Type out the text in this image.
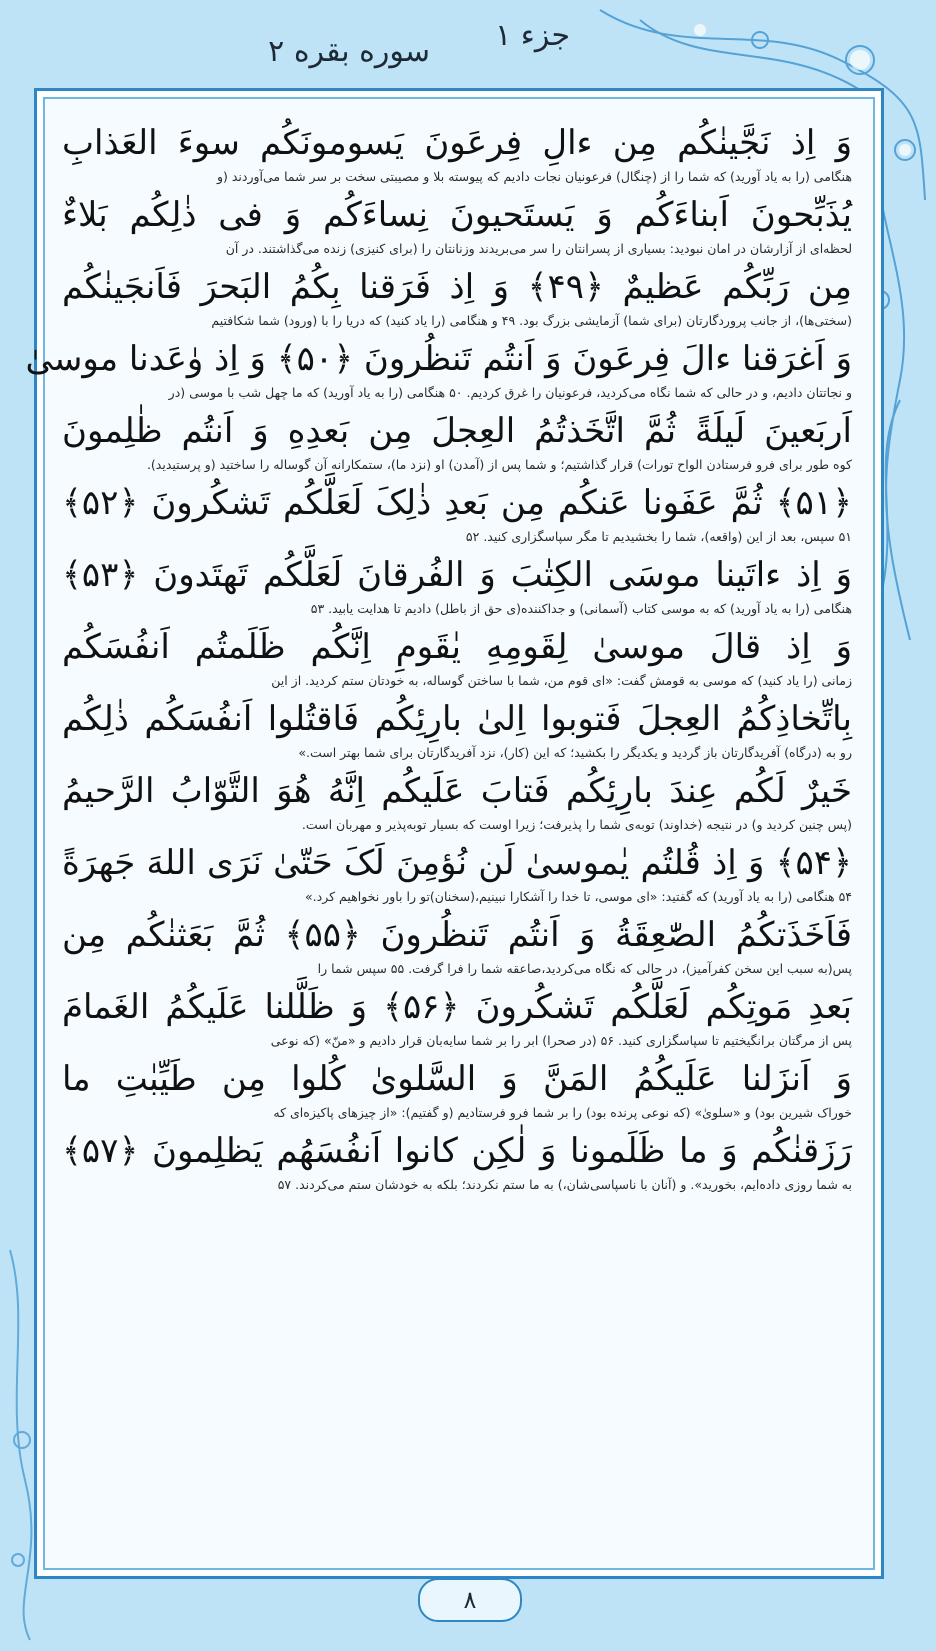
جزء ۱
سوره بقره ۲
وَ اِذ نَجَّینٰکُم مِن ءالِ فِرعَونَ یَسومونَکُم سوءَ العَذابِ
هنگامی (را به یاد آورید) که شما را از (چنگال) فرعونیان نجات دادیم که پیوسته بلا و مصیبتی سخت بر سر شما می‌آوردند (و
یُذَبِّحونَ اَبناءَکُم وَ یَستَحیونَ نِساءَکُم وَ فی ذٰلِکُم بَلاءٌ
لحظه‌ای از آزارشان در امان نبودید: بسیاری از پسرانتان را سر می‌بریدند وزنانتان را (برای کنیزی) زنده می‌گذاشتند. در آن
مِن رَبِّکُم عَظیمٌ ﴿۴۹﴾ وَ اِذ فَرَقنا بِکُمُ البَحرَ فَاَنجَینٰکُم
(سختی‌ها)، از جانب پروردگارتان (برای شما) آزمایشی بزرگ بود. ۴۹ و هنگامی (را یاد کنید) که دریا را با (ورود) شما شکافتیم
وَ اَغرَقنا ءالَ فِرعَونَ وَ اَنتُم تَنظُرونَ ﴿۵۰﴾ وَ اِذ وٰعَدنا موسىٰ
و نجاتتان دادیم، و در حالی که شما نگاه می‌کردید، فرعونیان را غرق کردیم. ۵۰ هنگامی (را به یاد آورید) که ما چهل شب با موسی (در
اَربَعینَ لَیلَةً ثُمَّ اتَّخَذتُمُ العِجلَ مِن بَعدِهِ وَ اَنتُم ظٰلِمونَ
کوه طور برای فرو فرستادن الواح تورات) قرار گذاشتیم؛ و شما پس از (آمدن) او (نزد ما)، ستمکارانه آن گوساله را ساختید (و پرستیدید).
﴿۵۱﴾ ثُمَّ عَفَونا عَنکُم مِن بَعدِ ذٰلِکَ لَعَلَّکُم تَشکُرونَ ﴿۵۲﴾
۵۱ سپس، بعد از این (واقعه)، شما را بخشیدیم تا مگر سپاسگزاری کنید. ۵۲
وَ اِذ ءاتَینا موسَى الکِتٰبَ وَ الفُرقانَ لَعَلَّکُم تَهتَدونَ ﴿۵۳﴾
هنگامی (را به یاد آورید) که به موسی کتاب (آسمانی) و جداکننده(ی حق از باطل) دادیم تا هدایت یابید. ۵۳
وَ اِذ قالَ موسىٰ لِقَومِهِ یٰقَومِ اِنَّکُم ظَلَمتُم اَنفُسَکُم
زمانی (را یاد کنید) که موسی به قومش گفت: «ای قوم من، شما با ساختن گوساله، به خودتان ستم کردید. از این
بِاتِّخاذِکُمُ العِجلَ فَتوبوا اِلىٰ بارِئِکُم فَاقتُلوا اَنفُسَکُم ذٰلِکُم
رو به (درگاه) آفریدگارتان باز گردید و یکدیگر را بکشید؛ که این (کار)، نزد آفریدگارتان برای شما بهتر است.»
خَیرٌ لَکُم عِندَ بارِئِکُم فَتابَ عَلَیکُم اِنَّهُ هُوَ التَّوّابُ الرَّحیمُ
(پس چنین کردید و) در نتیجه (خداوند) توبه‌ی شما را پذیرفت؛ زیرا اوست که بسیار توبه‌پذیر و مهربان است.
﴿۵۴﴾ وَ اِذ قُلتُم یٰموسىٰ لَن نُؤمِنَ لَکَ حَتّىٰ نَرَى اللهَ جَهرَةً
۵۴ هنگامی (را به یاد آورید) که گفتید: «ای موسی، تا خدا را آشکارا نبینیم،(سخنان)تو را باور نخواهیم کرد.»
فَاَخَذَتکُمُ الصّٰعِقَةُ وَ اَنتُم تَنظُرونَ ﴿۵۵﴾ ثُمَّ بَعَثنٰکُم مِن
پس(به سبب این سخن کفرآمیز)، در حالی که نگاه می‌کردید،صاعقه شما را فرا گرفت. ۵۵ سپس شما را
بَعدِ مَوتِکُم لَعَلَّکُم تَشکُرونَ ﴿۵۶﴾ وَ ظَلَّلنا عَلَیکُمُ الغَمامَ
پس از مرگتان برانگیختیم تا سپاسگزاری کنید. ۵۶ (در صحرا) ابر را بر شما سایه‌بان قرار دادیم و «منّ» (که نوعی
وَ اَنزَلنا عَلَیکُمُ المَنَّ وَ السَّلوىٰ کُلوا مِن طَیِّبٰتِ ما
خوراک شیرین بود) و «سلویٰ» (که نوعی پرنده بود) را بر شما فرو فرستادیم (و گفتیم): «از چیزهای پاکیزه‌ای که
رَزَقنٰکُم وَ ما ظَلَمونا وَ لٰکِن کانوا اَنفُسَهُم یَظلِمونَ ﴿۵۷﴾
به شما روزی داده‌ایم، بخورید». و (آنان با ناسپاسی‌شان،) به ما ستم نکردند؛ بلکه به خودشان ستم می‌کردند. ۵۷
۸
